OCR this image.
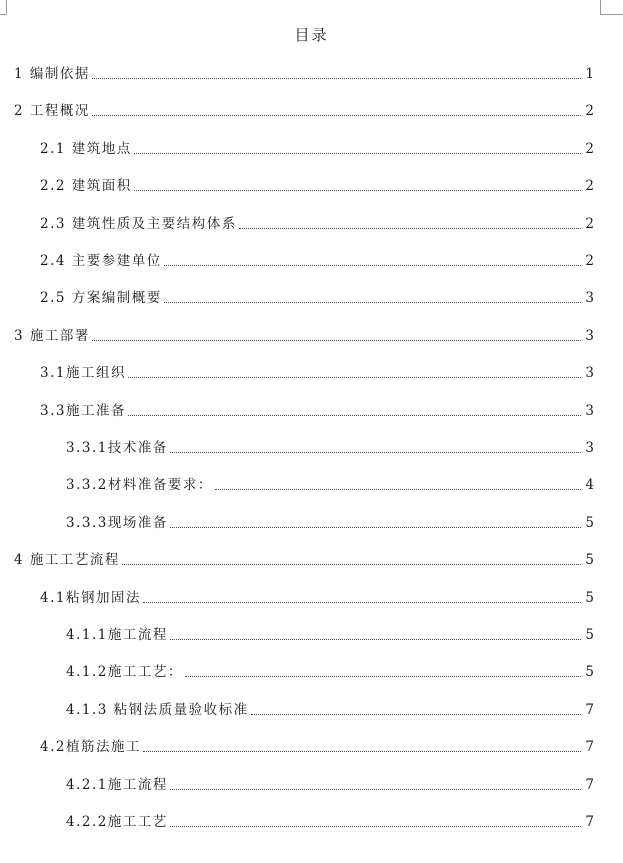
目录
1 编制依据	1
2 工程概况	2
2.1 建筑地点	2
2.2 建筑面积	2
2.3 建筑性质及主要结构体系	2
2.4 主要参建单位	2
2.5 方案编制概要	3
3 施工部署	3
3.1 施工组织	3
3.3 施工准备	3
3.3.1 技术准备	3
3.3.2 材料准备要求：	4
3.3.3 现场准备	5
4 施工工艺流程	5
4.1 粘钢加固法	5
4.1.1 施工流程	5
4.1.2 施工工艺：	5
4.1.3 粘钢法质量验收标准	7
4.2 植筋法施工	7
4.2.1 施工流程	7
4.2.2 施工工艺	7
